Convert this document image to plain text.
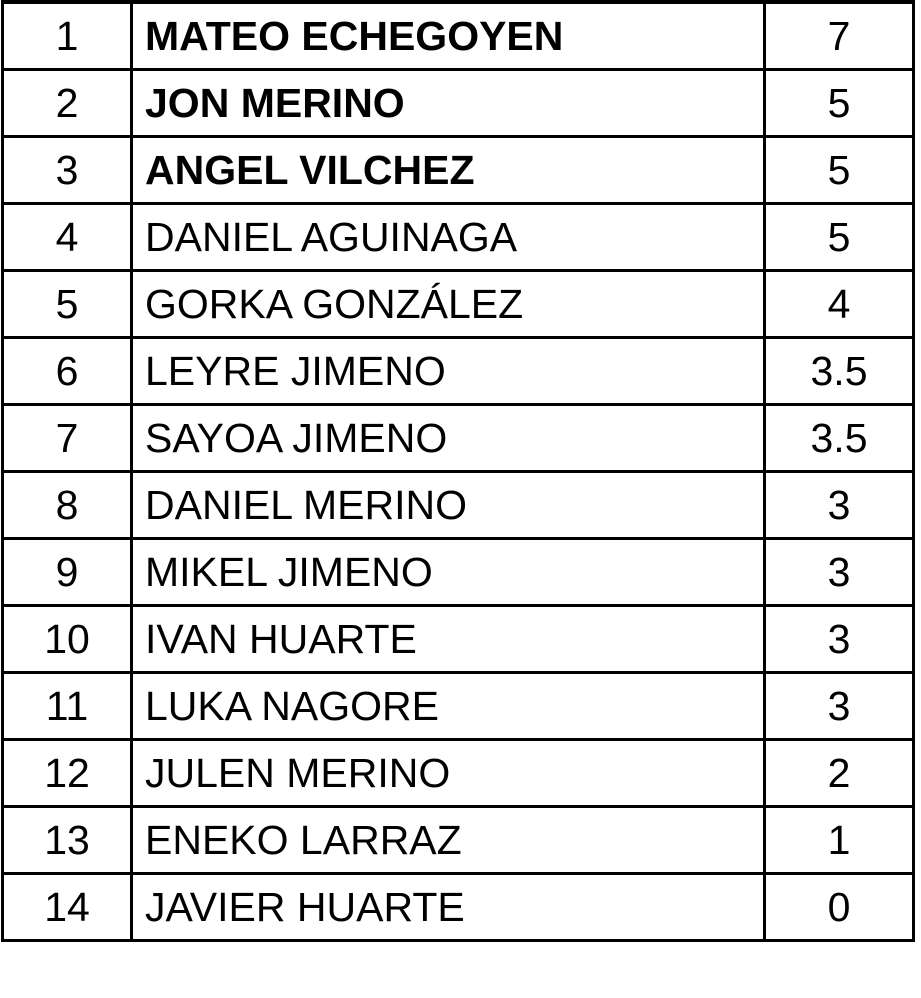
1	MATEO ECHEGOYEN	7
2	JON MERINO	5
3	ANGEL VILCHEZ	5
4	DANIEL AGUINAGA	5
5	GORKA GONZÁLEZ	4
6	LEYRE JIMENO	3.5
7	SAYOA JIMENO	3.5
8	DANIEL MERINO	3
9	MIKEL JIMENO	3
10	IVAN HUARTE	3
11	LUKA NAGORE	3
12	JULEN MERINO	2
13	ENEKO LARRAZ	1
14	JAVIER HUARTE	0
